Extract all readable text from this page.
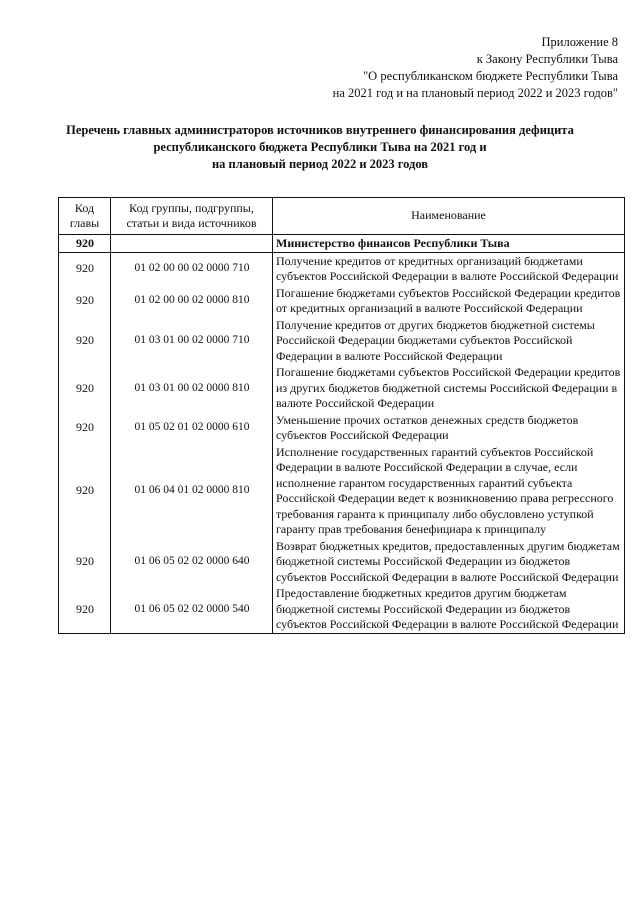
Приложение 8
к Закону Республики Тыва
"О республиканском бюджете Республики Тыва
на 2021 год и на плановый период 2022 и 2023 годов"
Перечень главных администраторов источников внутреннего финансирования дефицита
республиканского бюджета Республики Тыва на 2021 год и
на плановый период 2022 и 2023 годов
Код главы	Код группы, подгруппы, статьи и вида источников	Наименование
920		Министерство финансов Республики Тыва
920	01 02 00 00 02 0000 710	Получение кредитов от кредитных организаций бюджетами субъектов Российской Федерации в валюте Российской Федерации
920	01 02 00 00 02 0000 810	Погашение бюджетами субъектов Российской Федерации кредитов от кредитных организаций в валюте Российской Федерации
920	01 03 01 00 02 0000 710	Получение кредитов от других бюджетов бюджетной системы Российской Федерации бюджетами субъектов Российской Федерации в валюте Российской Федерации
920	01 03 01 00 02 0000 810	Погашение бюджетами субъектов Российской Федерации кредитов из других бюджетов бюджетной системы Российской Федерации в валюте Российской Федерации
920	01 05 02 01 02 0000 610	Уменьшение прочих остатков денежных средств бюджетов субъектов Российской Федерации
920	01 06 04 01 02 0000 810	Исполнение государственных гарантий субъектов Российской Федерации в валюте Российской Федерации в случае, если исполнение гарантом государственных гарантий субъекта Российской Федерации ведет к возникновению права регрессного требования гаранта к принципалу либо обусловлено уступкой гаранту прав требования бенефициара к принципалу
920	01 06 05 02 02 0000 640	Возврат бюджетных кредитов, предоставленных другим бюджетам бюджетной системы Российской Федерации из бюджетов субъектов Российской Федерации в валюте Российской Федерации
920	01 06 05 02 02 0000 540	Предоставление бюджетных кредитов другим бюджетам бюджетной системы Российской Федерации из бюджетов субъектов Российской Федерации в валюте Российской Федерации
